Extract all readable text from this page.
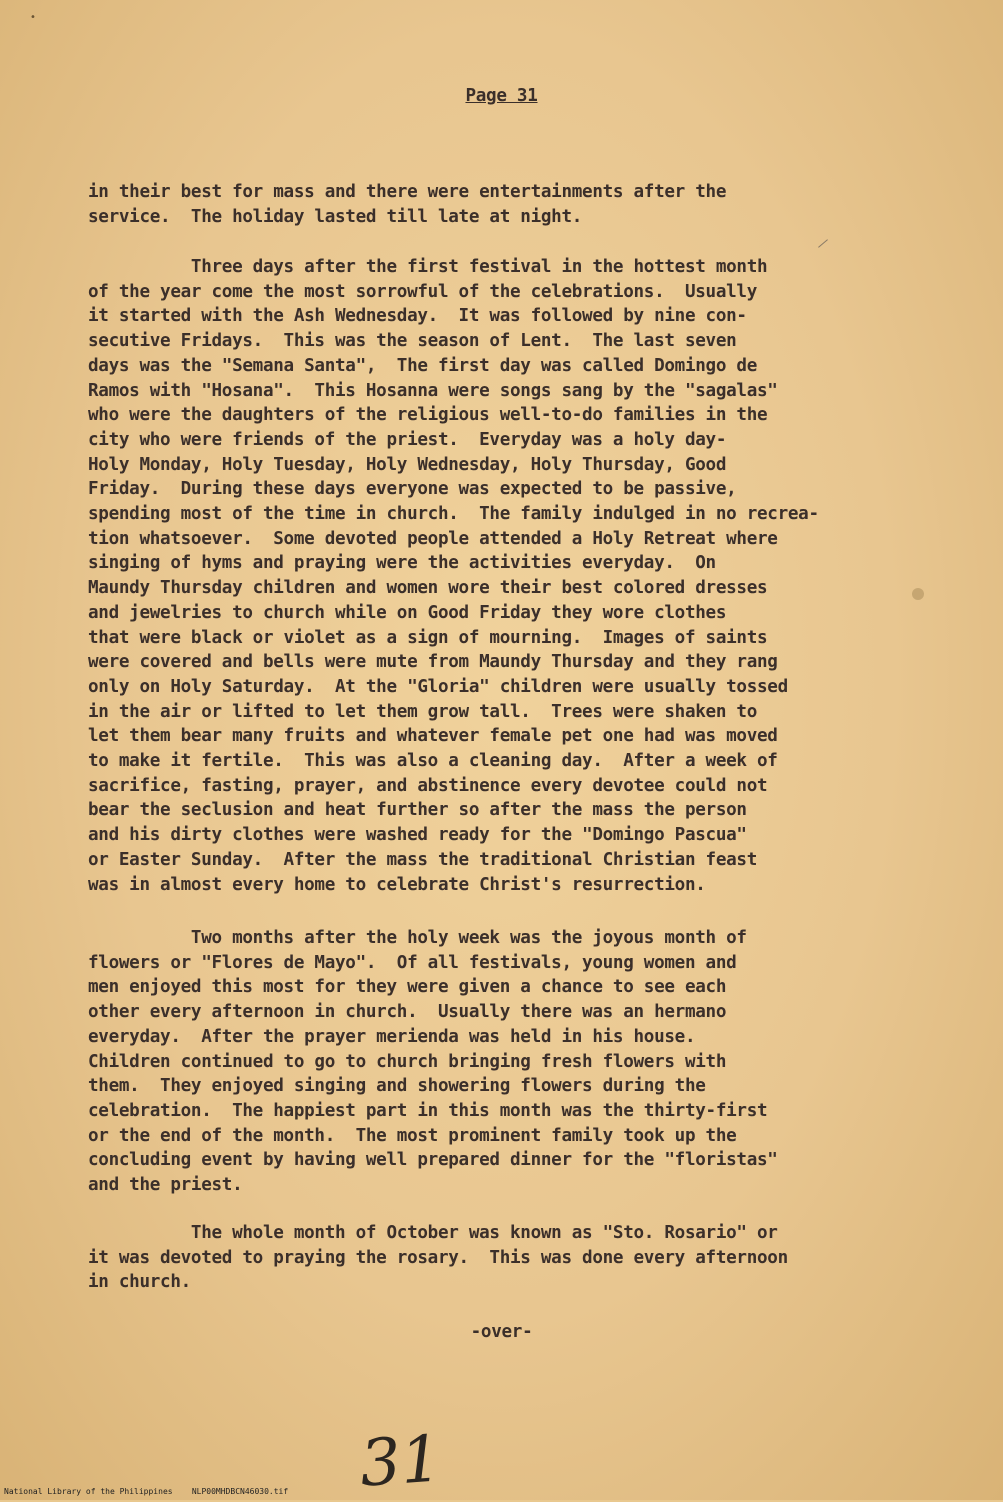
•
Page 31
in their best for mass and there were entertainments after the
service.  The holiday lasted till late at night.
Three days after the first festival in the hottest month
of the year come the most sorrowful of the celebrations.  Usually
it started with the Ash Wednesday.  It was followed by nine con-
secutive Fridays.  This was the season of Lent.  The last seven
days was the "Semana Santa",  The first day was called Domingo de
Ramos with "Hosana".  This Hosanna were songs sang by the "sagalas"
who were the daughters of the religious well-to-do families in the
city who were friends of the priest.  Everyday was a holy day-
Holy Monday, Holy Tuesday, Holy Wednesday, Holy Thursday, Good
Friday.  During these days everyone was expected to be passive,
spending most of the time in church.  The family indulged in no recrea-
tion whatsoever.  Some devoted people attended a Holy Retreat where
singing of hyms and praying were the activities everyday.  On
Maundy Thursday children and women wore their best colored dresses
and jewelries to church while on Good Friday they wore clothes
that were black or violet as a sign of mourning.  Images of saints
were covered and bells were mute from Maundy Thursday and they rang
only on Holy Saturday.  At the "Gloria" children were usually tossed
in the air or lifted to let them grow tall.  Trees were shaken to
let them bear many fruits and whatever female pet one had was moved
to make it fertile.  This was also a cleaning day.  After a week of
sacrifice, fasting, prayer, and abstinence every devotee could not
bear the seclusion and heat further so after the mass the person
and his dirty clothes were washed ready for the "Domingo Pascua"
or Easter Sunday.  After the mass the traditional Christian feast
was in almost every home to celebrate Christ's resurrection.
Two months after the holy week was the joyous month of
flowers or "Flores de Mayo".  Of all festivals, young women and
men enjoyed this most for they were given a chance to see each
other every afternoon in church.  Usually there was an hermano
everyday.  After the prayer merienda was held in his house.
Children continued to go to church bringing fresh flowers with
them.  They enjoyed singing and showering flowers during the
celebration.  The happiest part in this month was the thirty-first
or the end of the month.  The most prominent family took up the
concluding event by having well prepared dinner for the "floristas"
and the priest.
The whole month of October was known as "Sto. Rosario" or
it was devoted to praying the rosary.  This was done every afternoon
in church.
-over-
31
National Library of the Philippines NLP00MHDBCN46030.tif
